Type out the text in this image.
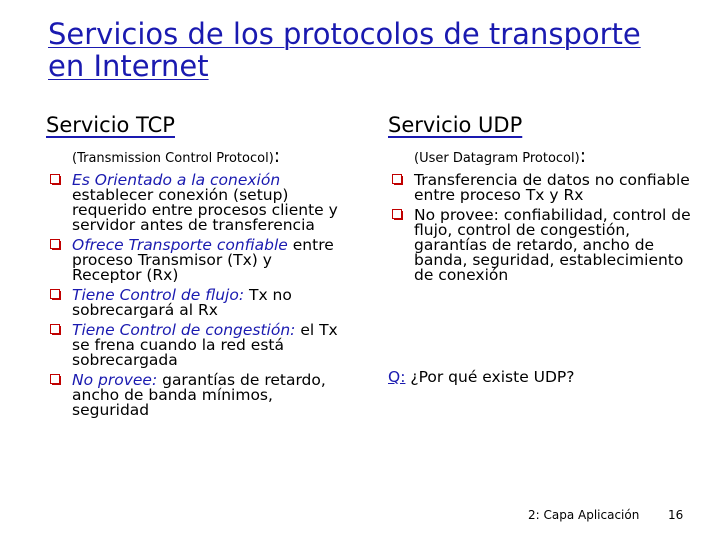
Servicios de los protocolos de transporte
en Internet
Servicio TCP
(Transmission Control Protocol):
Es Orientado a la conexión establecer conexión (setup) requerido entre procesos cliente y servidor antes de transferencia
Ofrece Transporte confiable entre proceso Transmisor (Tx) y Receptor (Rx)
Tiene Control de flujo: Tx no sobrecargará al Rx
Tiene Control de congestión: el Tx se frena cuando la red está sobrecargada
No provee: garantías de retardo, ancho de banda mínimos, seguridad
Servicio UDP
(User Datagram Protocol):
Transferencia de datos no confiable entre proceso Tx y Rx
No provee: confiabilidad, control de flujo, control de congestión, garantías de retardo, ancho de banda, seguridad, establecimiento de conexión
Q: ¿Por qué existe UDP?
2: Capa Aplicación 16
